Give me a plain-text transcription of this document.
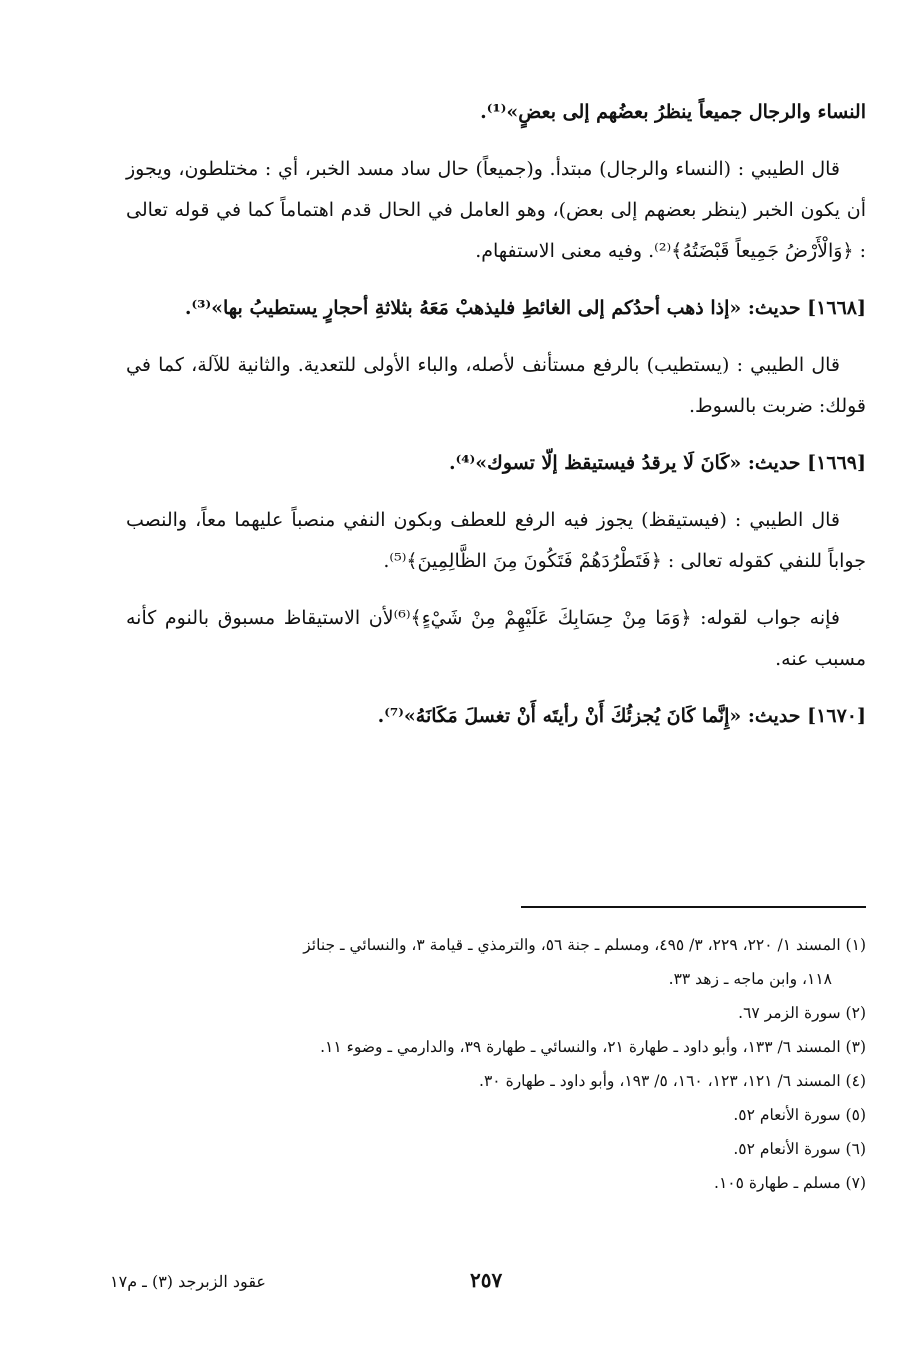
النساء والرجال جميعاً ينظرُ بعضُهم إلى بعضٍ»⁽¹⁾.

قال الطيبي : (النساء والرجال) مبتدأ. و(جميعاً) حال ساد مسد الخبر، أي : مختلطون، ويجوز أن يكون الخبر (ينظر بعضهم إلى بعض)، وهو العامل في الحال قدم اهتماماً كما في قوله تعالى : ﴿وَالْأَرْضُ جَمِيعاً قَبْضَتُهُ﴾⁽²⁾. وفيه معنى الاستفهام.

[١٦٦٨] حديث: «إذا ذهب أحدُكم إلى الغائطِ فليذهبْ مَعَهُ بثلاثةِ أحجارٍ يستطيبُ بها»⁽³⁾.

قال الطيبي : (يستطيب) بالرفع مستأنف لأصله، والباء الأولى للتعدية. والثانية للآلة، كما في قولك: ضربت بالسوط.

[١٦٦٩] حديث: «كَانَ لَا يرقدُ فيستيقظ إلّا تسوك»⁽⁴⁾.

قال الطيبي : (فيستيقظ) يجوز فيه الرفع للعطف وبكون النفي منصباً عليهما معاً، والنصب جواباً للنفي كقوله تعالى : ﴿فَتَطْرُدَهُمْ فَتَكُونَ مِنَ الظَّالِمِينَ﴾⁽⁵⁾.

فإنه جواب لقوله: ﴿وَمَا مِنْ حِسَابِكَ عَلَيْهِمْ مِنْ شَيْءٍ﴾⁽⁶⁾لأن الاستيقاظ مسبوق بالنوم كأنه مسبب عنه.

[١٦٧٠] حديث: «إِنَّما كَانَ يُجزئُكَ أَنْ رأيتَه أَنْ تغسلَ مَكَانَهُ»⁽⁷⁾.

(١) المسند ١/ ٢٢٠، ٢٢٩، ٣/ ٤٩٥، ومسلم ـ جنة ٥٦، والترمذي ـ قيامة ٣، والنسائي ـ جنائز

١١٨، وابن ماجه ـ زهد ٣٣.

(٢) سورة الزمر ٦٧.

(٣) المسند ٦/ ١٣٣، وأبو داود ـ طهارة ٢١، والنسائي ـ طهارة ٣٩، والدارمي ـ وضوء ١١.

(٤) المسند ٦/ ١٢١، ١٢٣، ١٦٠، ٥/ ١٩٣، وأبو داود ـ طهارة ٣٠.

(٥) سورة الأنعام ٥٢.

(٦) سورة الأنعام ٥٢.

(٧) مسلم ـ طهارة ١٠٥.

٢٥٧
عقود الزبرجد (٣) ـ م١٧
